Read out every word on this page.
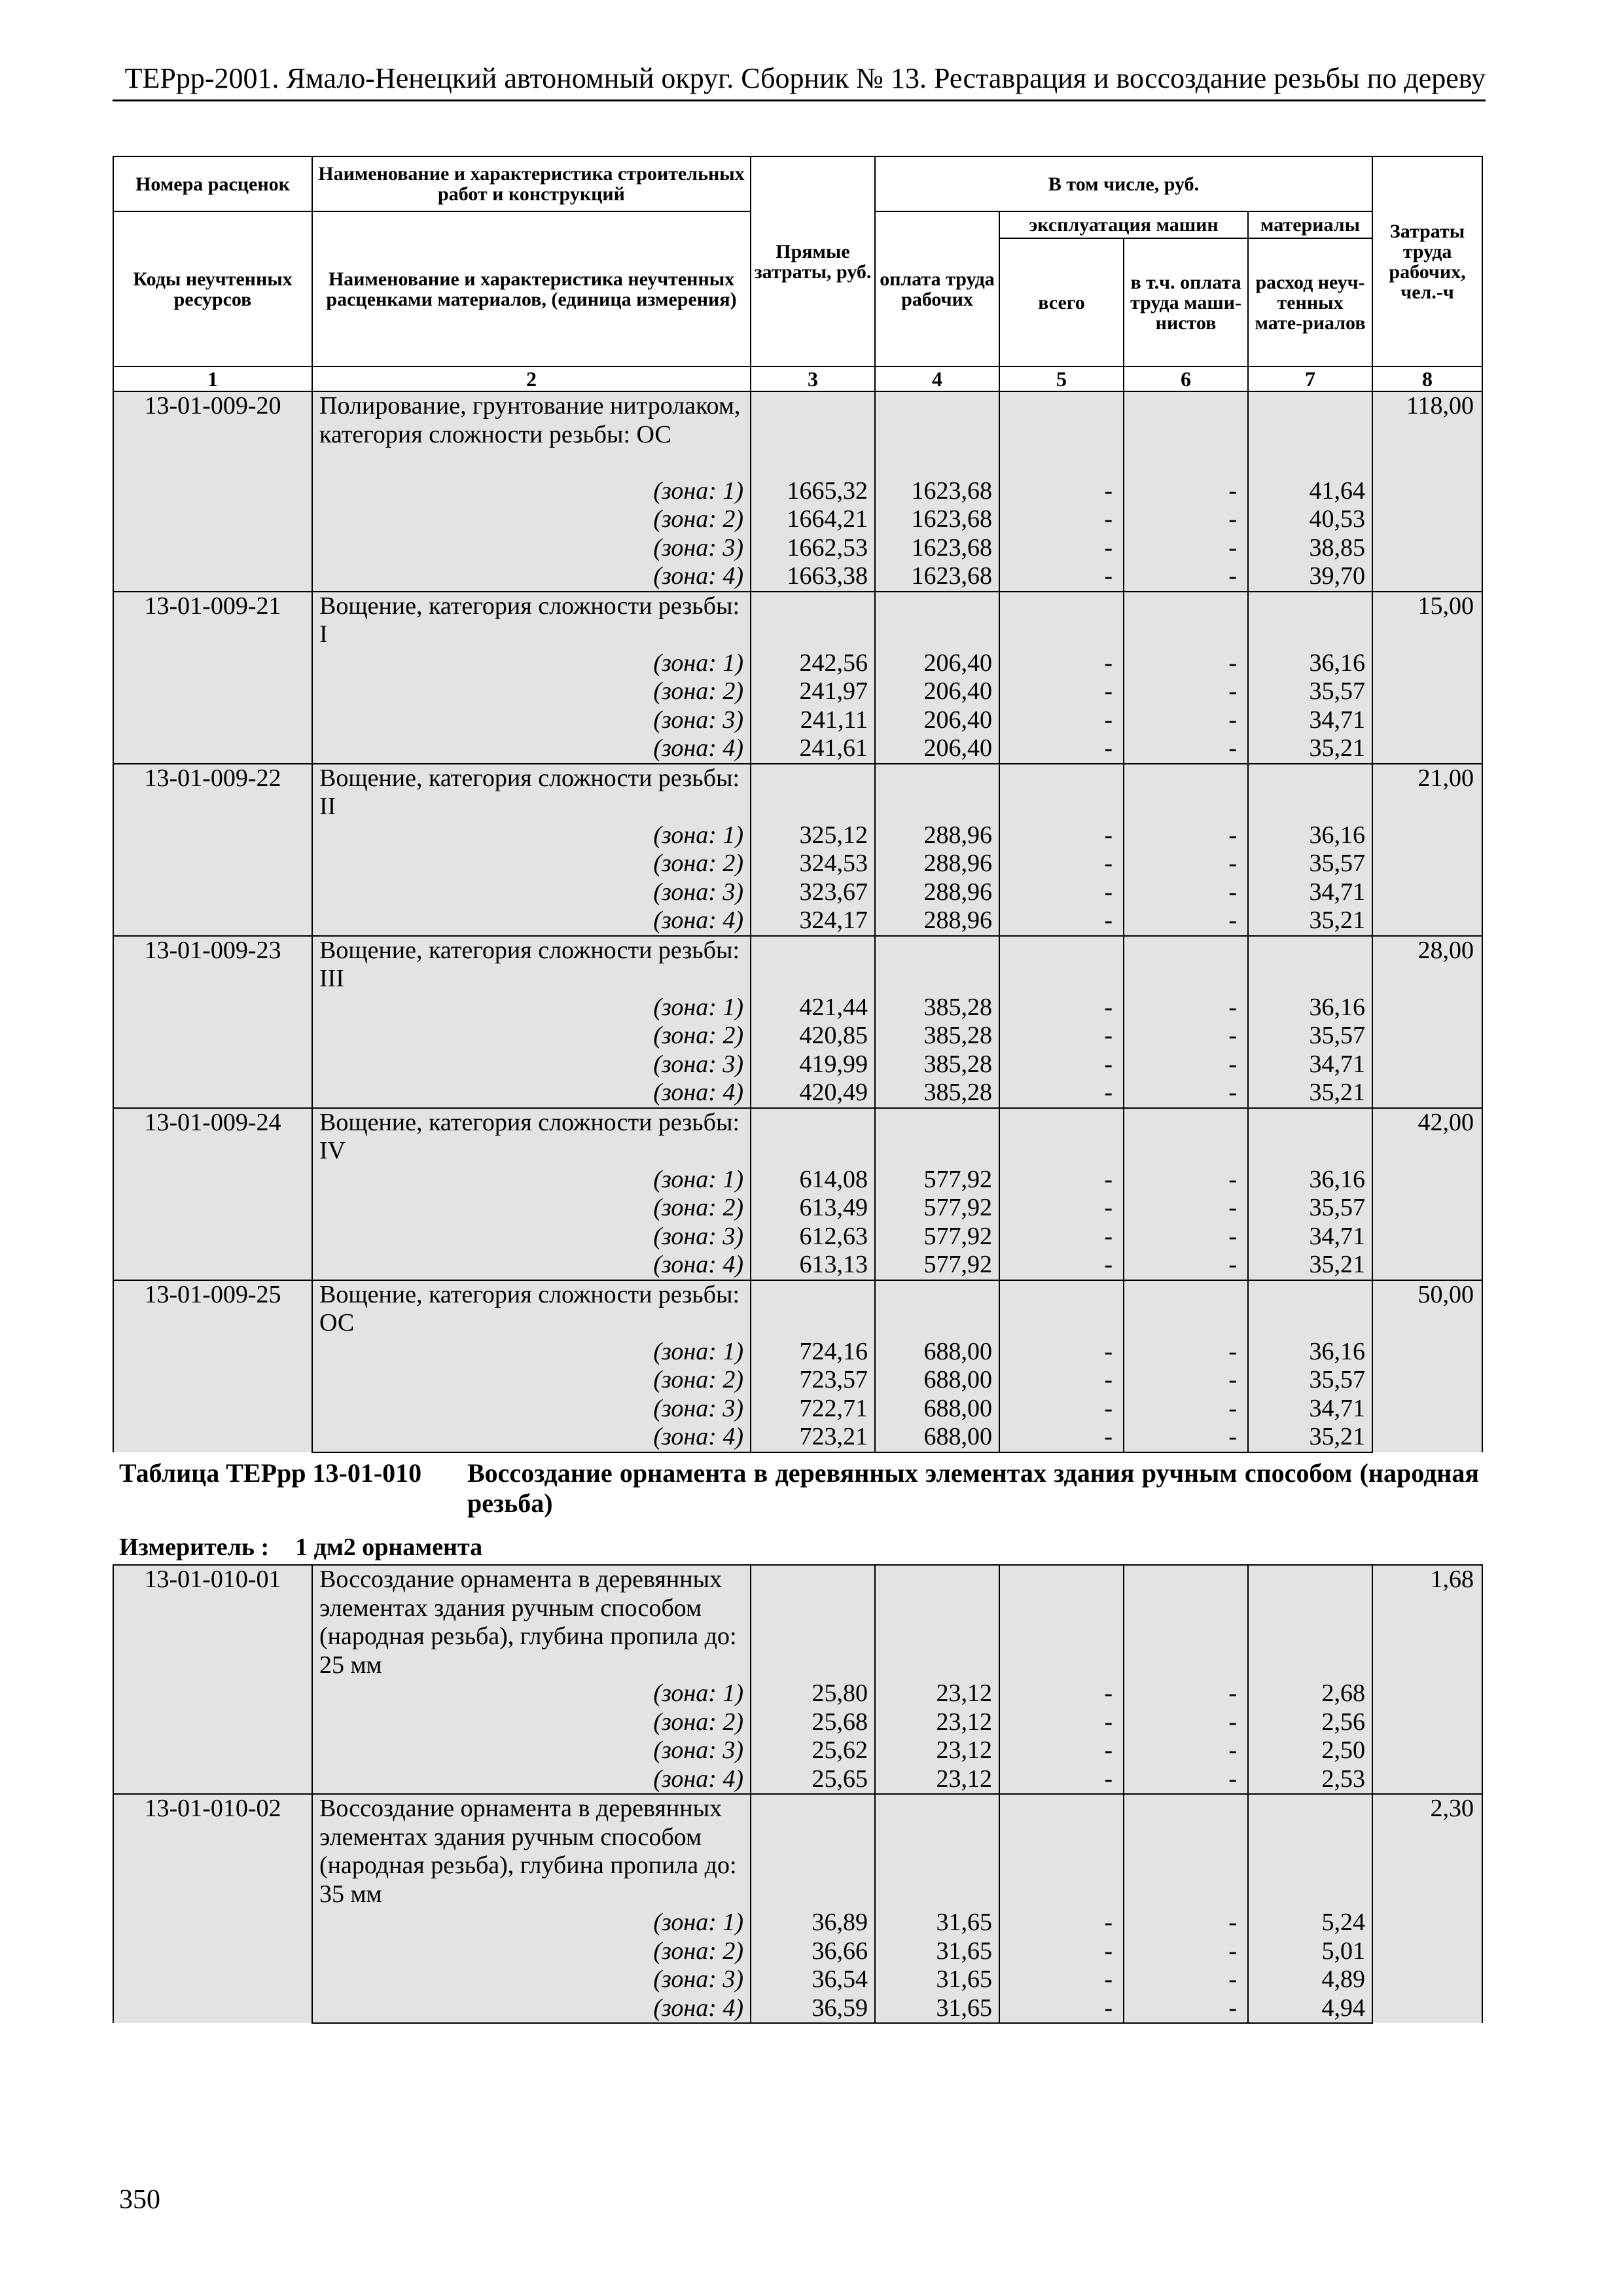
ТЕРрр-2001. Ямало-Ненецкий автономный округ. Сборник № 13. Реставрация и воссоздание резьбы по дереву
Номера расценок	Наименование и характеристика строительных работ и конструкций	Прямые затраты, руб.	В том числе, руб.				Затраты труда рабочих, чел.-ч
Коды неучтенных ресурсов	Наименование и характеристика неучтенных расценками материалов, (единица измерения)		оплата труда рабочих	эксплуатация машин		материалы	
				всего	в т.ч. оплата труда маши-нистов	расход неуч-тенных мате-риалов	
1	2	3	4	5	6	7	8
13-01-009-20	Полирование, грунтование нитролаком, категория сложности резьбы: ОС						118,00
	(зона: 1)	1665,32	1623,68	-	-	41,64	
	(зона: 2)	1664,21	1623,68	-	-	40,53	
	(зона: 3)	1662,53	1623,68	-	-	38,85	
	(зона: 4)	1663,38	1623,68	-	-	39,70	
13-01-009-21	Вощение, категория сложности резьбы: I						15,00
	(зона: 1)	242,56	206,40	-	-	36,16	
	(зона: 2)	241,97	206,40	-	-	35,57	
	(зона: 3)	241,11	206,40	-	-	34,71	
	(зона: 4)	241,61	206,40	-	-	35,21	
13-01-009-22	Вощение, категория сложности резьбы: II						21,00
	(зона: 1)	325,12	288,96	-	-	36,16	
	(зона: 2)	324,53	288,96	-	-	35,57	
	(зона: 3)	323,67	288,96	-	-	34,71	
	(зона: 4)	324,17	288,96	-	-	35,21	
13-01-009-23	Вощение, категория сложности резьбы: III						28,00
	(зона: 1)	421,44	385,28	-	-	36,16	
	(зона: 2)	420,85	385,28	-	-	35,57	
	(зона: 3)	419,99	385,28	-	-	34,71	
	(зона: 4)	420,49	385,28	-	-	35,21	
13-01-009-24	Вощение, категория сложности резьбы: IV						42,00
	(зона: 1)	614,08	577,92	-	-	36,16	
	(зона: 2)	613,49	577,92	-	-	35,57	
	(зона: 3)	612,63	577,92	-	-	34,71	
	(зона: 4)	613,13	577,92	-	-	35,21	
13-01-009-25	Вощение, категория сложности резьбы: ОС						50,00
	(зона: 1)	724,16	688,00	-	-	36,16	
	(зона: 2)	723,57	688,00	-	-	35,57	
	(зона: 3)	722,71	688,00	-	-	34,71	
	(зона: 4)	723,21	688,00	-	-	35,21	
Таблица ТЕРрр 13-01-010 Воссоздание орнамента в деревянных элементах здания ручным способом (народная резьба)
Измеритель : 1 дм2 орнамента
13-01-010-01	Воссоздание орнамента в деревянных элементах здания ручным способом (народная резьба), глубина пропила до: 25 мм						1,68
	(зона: 1)	25,80	23,12	-	-	2,68	
	(зона: 2)	25,68	23,12	-	-	2,56	
	(зона: 3)	25,62	23,12	-	-	2,50	
	(зона: 4)	25,65	23,12	-	-	2,53	
13-01-010-02	Воссоздание орнамента в деревянных элементах здания ручным способом (народная резьба), глубина пропила до: 35 мм						2,30
	(зона: 1)	36,89	31,65	-	-	5,24	
	(зона: 2)	36,66	31,65	-	-	5,01	
	(зона: 3)	36,54	31,65	-	-	4,89	
	(зона: 4)	36,59	31,65	-	-	4,94	
350
